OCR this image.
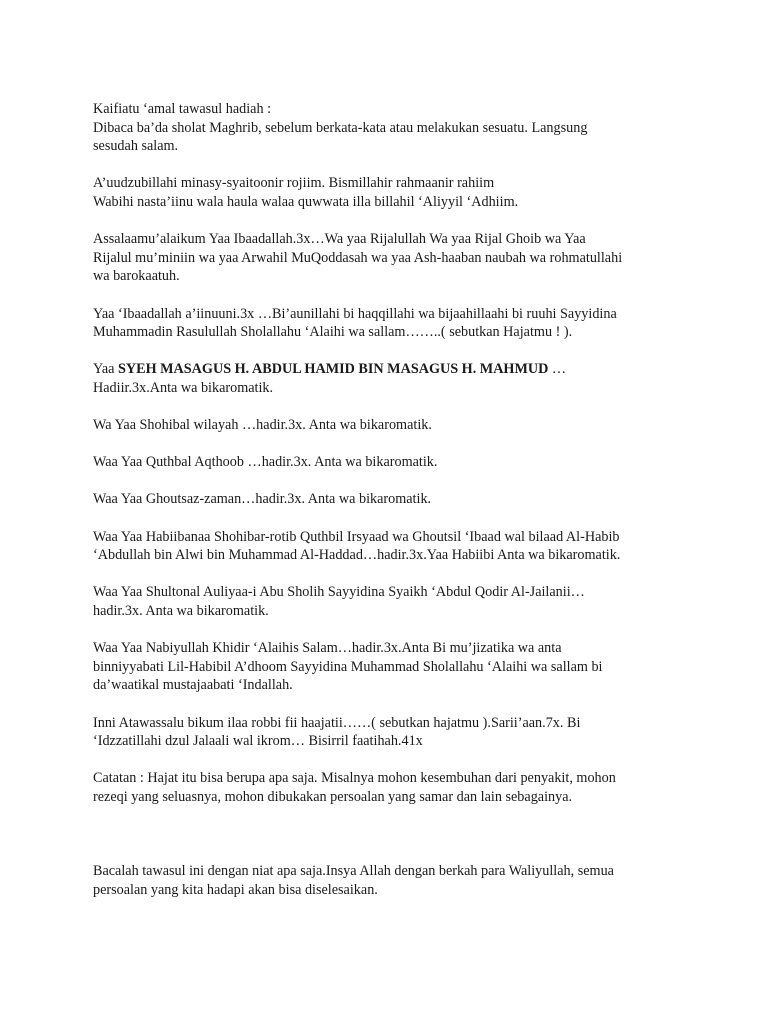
Kaifiatu ‘amal tawasul hadiah :
Dibaca ba’da sholat Maghrib, sebelum berkata-kata atau melakukan sesuatu. Langsung
sesudah salam.

A’uudzubillahi minasy-syaitoonir rojiim. Bismillahir rahmaanir rahiim
Wabihi nasta’iinu wala haula walaa quwwata illa billahil ‘Aliyyil ‘Adhiim.

Assalaamu’alaikum Yaa Ibaadallah.3x…Wa yaa Rijalullah Wa yaa Rijal Ghoib wa Yaa
Rijalul mu’miniin wa yaa Arwahil MuQoddasah wa yaa Ash-haaban naubah wa rohmatullahi
wa barokaatuh.

Yaa ‘Ibaadallah a’iinuuni.3x …Bi’aunillahi bi haqqillahi wa bijaahillaahi bi ruuhi Sayyidina
Muhammadin Rasulullah Sholallahu ‘Alaihi wa sallam……..( sebutkan Hajatmu ! ).

Yaa SYEH MASAGUS H. ABDUL HAMID BIN MASAGUS H. MAHMUD …
Hadiir.3x.Anta wa bikaromatik.

Wa Yaa Shohibal wilayah …hadir.3x. Anta wa bikaromatik.

Waa Yaa Quthbal Aqthoob …hadir.3x. Anta wa bikaromatik.

Waa Yaa Ghoutsaz-zaman…hadir.3x. Anta wa bikaromatik.

Waa Yaa Habiibanaa Shohibar-rotib Quthbil Irsyaad wa Ghoutsil ‘Ibaad wal bilaad Al-Habib
‘Abdullah bin Alwi bin Muhammad Al-Haddad…hadir.3x.Yaa Habiibi Anta wa bikaromatik.

Waa Yaa Shultonal Auliyaa-i Abu Sholih Sayyidina Syaikh ‘Abdul Qodir Al-Jailanii…
hadir.3x. Anta wa bikaromatik.

Waa Yaa Nabiyullah Khidir ‘Alaihis Salam…hadir.3x.Anta Bi mu’jizatika wa anta
binniyyabati Lil-Habibil A’dhoom Sayyidina Muhammad Sholallahu ‘Alaihi wa sallam bi
da’waatikal mustajaabati ‘Indallah.

Inni Atawassalu bikum ilaa robbi fii haajatii……( sebutkan hajatmu ).Sarii’aan.7x. Bi
‘Idzzatillahi dzul Jalaali wal ikrom… Bisirril faatihah.41x

Catatan : Hajat itu bisa berupa apa saja. Misalnya mohon kesembuhan dari penyakit, mohon
rezeqi yang seluasnya, mohon dibukakan persoalan yang samar dan lain sebagainya.

Bacalah tawasul ini dengan niat apa saja.Insya Allah dengan berkah para Waliyullah, semua
persoalan yang kita hadapi akan bisa diselesaikan.
